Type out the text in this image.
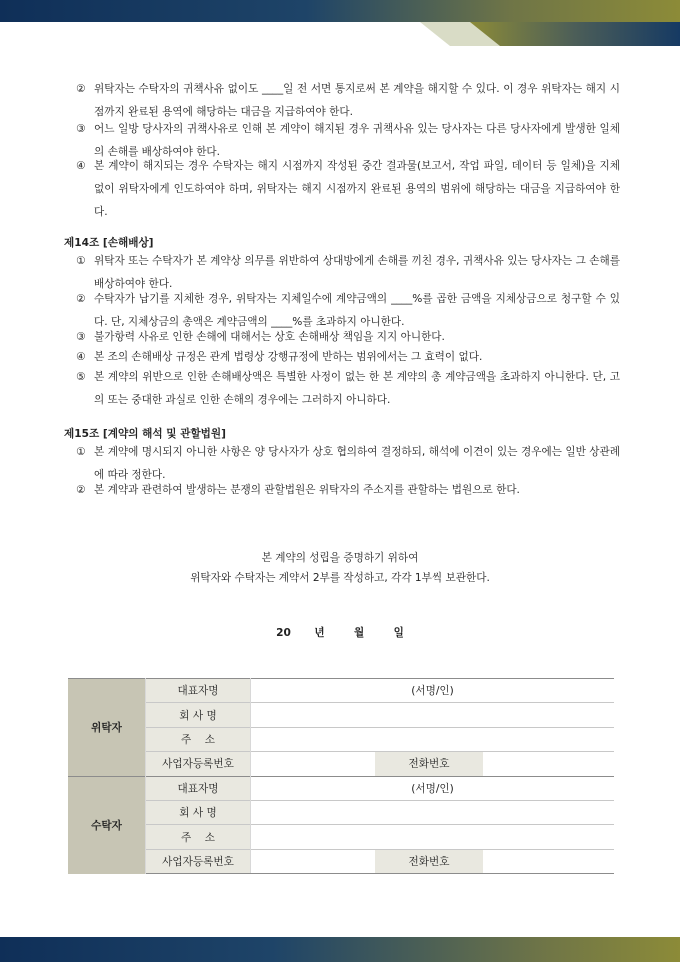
② 위탁자는 수탁자의 귀책사유 없이도 ____일 전 서면 통지로써 본 계약을 해지할 수 있다. 이 경우 위탁자는 해지 시점까지 완료된 용역에 해당하는 대금을 지급하여야 한다.
③ 어느 일방 당사자의 귀책사유로 인해 본 계약이 해지된 경우 귀책사유 있는 당사자는 다른 당사자에게 발생한 일체의 손해를 배상하여야 한다.
④ 본 계약이 해지되는 경우 수탁자는 해지 시점까지 작성된 중간 결과물(보고서, 작업 파일, 데이터 등 일체)을 지체 없이 위탁자에게 인도하여야 하며, 위탁자는 해지 시점까지 완료된 용역의 범위에 해당하는 대금을 지급하여야 한다.
제14조 [손해배상]
① 위탁자 또는 수탁자가 본 계약상 의무를 위반하여 상대방에게 손해를 끼친 경우, 귀책사유 있는 당사자는 그 손해를 배상하여야 한다.
② 수탁자가 납기를 지체한 경우, 위탁자는 지체일수에 계약금액의 ____%를 곱한 금액을 지체상금으로 청구할 수 있다. 단, 지체상금의 총액은 계약금액의 ____%를 초과하지 아니한다.
③ 불가항력 사유로 인한 손해에 대해서는 상호 손해배상 책임을 지지 아니한다.
④ 본 조의 손해배상 규정은 관계 법령상 강행규정에 반하는 범위에서는 그 효력이 없다.
⑤ 본 계약의 위반으로 인한 손해배상액은 특별한 사정이 없는 한 본 계약의 총 계약금액을 초과하지 아니한다. 단, 고의 또는 중대한 과실로 인한 손해의 경우에는 그러하지 아니하다.
제15조 [계약의 해석 및 관할법원]
① 본 계약에 명시되지 아니한 사항은 양 당사자가 상호 협의하여 결정하되, 해석에 이견이 있는 경우에는 일반 상관례에 따라 정한다.
② 본 계약과 관련하여 발생하는 분쟁의 관할법원은 위탁자의 주소지를 관할하는 법원으로 한다.
본 계약의 성립을 증명하기 위하여
위탁자와 수탁자는 계약서 2부를 작성하고, 각각 1부씩 보관한다.
20 년	월	일
위탁자	대표자명	(서명/인)		
	회 사 명			
	주    소			
	사업자등록번호		전화번호	
수탁자	대표자명	(서명/인)		
	회 사 명			
	주    소			
	사업자등록번호		전화번호	
